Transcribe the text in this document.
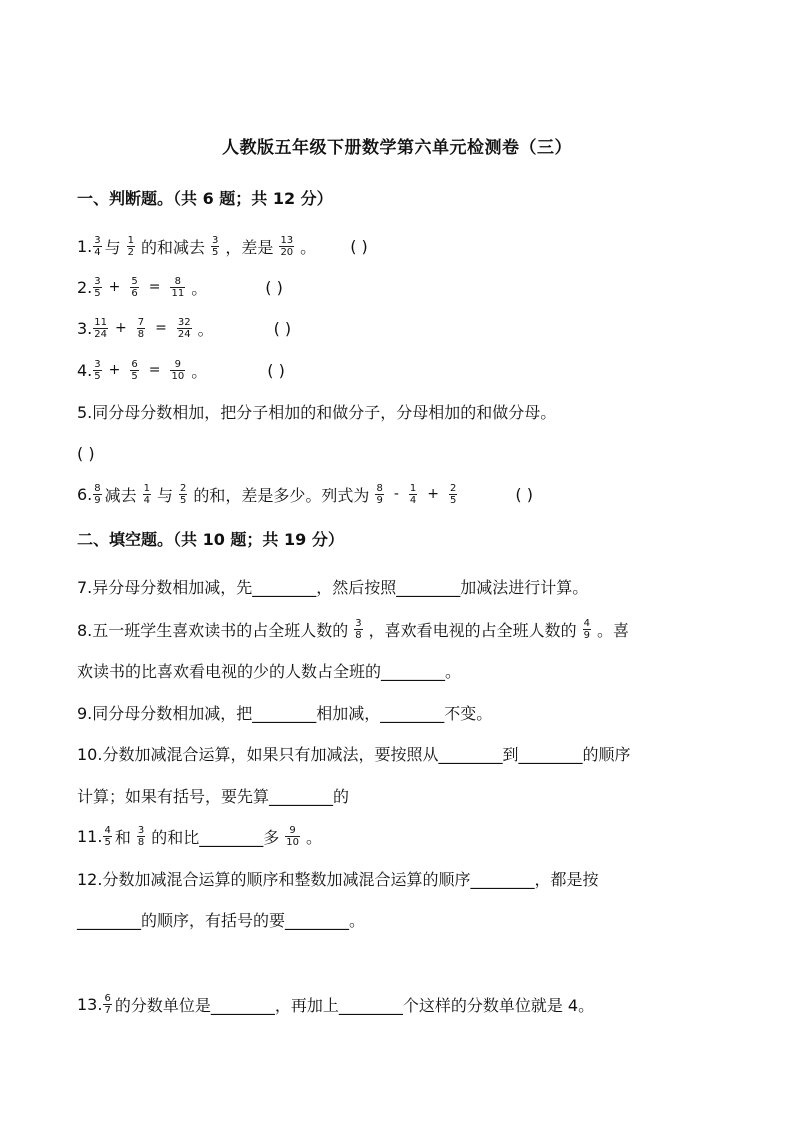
人教版五年级下册数学第六单元检测卷（三）
一、判断题。（共 6 题；共 12 分）
1. $\frac{3}{4}$ 与 $\frac{1}{2}$ 的和减去 $\frac{3}{5}$ ，差是 $\frac{13}{20}$ 。 ( )
2. $\frac{3}{5} + \frac{5}{6} = \frac{8}{11}$ 。	( )
3. $\frac{11}{24} + \frac{7}{8} = \frac{32}{24}$ 。	( )
4. $\frac{3}{5} + \frac{6}{5} = \frac{9}{10}$ 。	( )
5.同分母分数相加，把分子相加的和做分子，分母相加的和做分母。
( )
6. $\frac{8}{9}$ 减去 $\frac{1}{4}$ 与 $\frac{2}{5}$ 的和，差是多少。列式为 $\frac{8}{9} - \frac{1}{4} + \frac{2}{5}$	( )
二、填空题。（共 10 题；共 19 分）
7.异分母分数相加减，先________，然后按照________加减法进行计算。
8.五一班学生喜欢读书的占全班人数的 $\frac{3}{8}$ ，喜欢看电视的占全班人数的 $\frac{4}{9}$ 。喜
欢读书的比喜欢看电视的少的人数占全班的________。
9.同分母分数相加减，把________相加减，________不变。
10.分数加减混合运算，如果只有加减法，要按照从________到________的顺序
计算；如果有括号，要先算________的
11. $\frac{4}{5}$ 和 $\frac{3}{8}$ 的和比________多 $\frac{9}{10}$ 。
12.分数加减混合运算的顺序和整数加减混合运算的顺序________，都是按
________的顺序，有括号的要________。
13. $\frac{6}{7}$ 的分数单位是________，再加上________个这样的分数单位就是 4。
